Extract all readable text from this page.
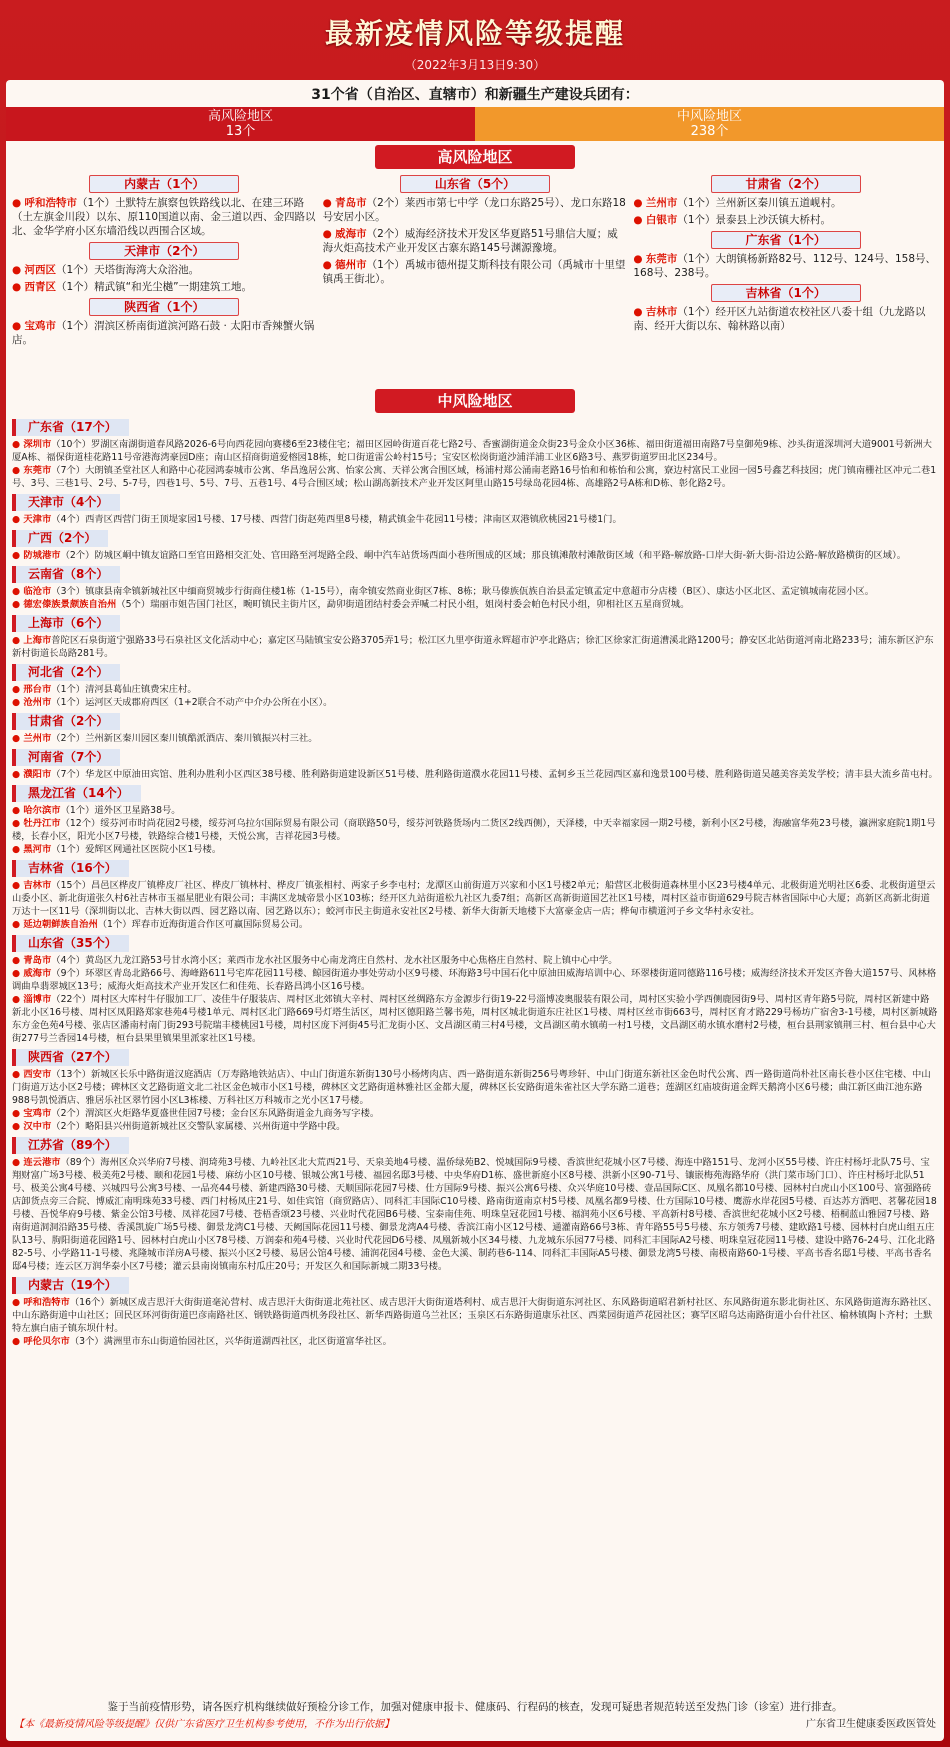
最新疫情风险等级提醒
（2022年3月13日9:30）
31个省（自治区、直辖市）和新疆生产建设兵团有：
高风险地区
13个
中风险地区
238个
高风险地区
内蒙古（1个）
● 呼和浩特市（1个）土默特左旗察包铁路线以北、在建三环路（土左旗金川段）以东、原110国道以南、金三道以西、金四路以北、金华学府小区东墙沿线以西围合区域。
天津市（2个）
● 河西区（1个）天塔街海湾大众浴池。
● 西青区（1个）精武镇“和光尘樾”一期建筑工地。
陕西省（1个）
● 宝鸡市（1个）渭滨区桥南街道滨河路石鼓 · 太阳市香辣蟹火锅店。
山东省（5个）
● 青岛市（2个）莱西市第七中学（龙口东路25号）、龙口东路18号安居小区。
● 威海市（2个）威海经济技术开发区华夏路51号鼎信大厦；威海火炬高技术产业开发区古寨东路145号渊源豫境。
● 德州市（1个）禹城市德州提艾斯科技有限公司（禹城市十里望镇禹王街北）。
甘肃省（2个）
● 兰州市（1个）兰州新区秦川镇五道岘村。
● 白银市（1个）景泰县上沙沃镇大桥村。
广东省（1个）
● 东莞市（1个）大朗镇杨新路82号、112号、124号、158号、168号、238号。
吉林省（1个）
● 吉林市（1个）经开区九站街道农校社区八委十组（九龙路以南、经开大街以东、翰林路以南）
中风险地区
广东省（17个）
● 深圳市（10个）罗湖区南湖街道春风路2026-6号向西花园向赛楼6至23楼住宅；福田区园岭街道百花七路2号、香蜜湖街道金众街23号金众小区36栋、福田街道福田南路7号皇御苑9栋、沙头街道深圳河大道9001号新洲大厦A栋、福保街道桂花路11号帝港海湾豪园D座；南山区招商街道爱榕园18栋，蛇口街道雷公岭村15号；宝安区松岗街道沙浦洋浦工业区6路3号、燕罗街道罗田北区234号。
● 东莞市（7个）大朗镇圣堂社区人和路中心花园鸿泰城市公寓、华昌逸居公寓、怡家公寓、天祥公寓合围区域，杨浦村郑公涌南老路16号怡和和栋怡和公寓，寮边村富民工业园一园5号鑫艺科技园；虎门镇南栅社区冲元二巷1号、3号、三巷1号、2号、5-7号，四巷1号、5号、7号、五巷1号、4号合围区域；松山湖高新技术产业开发区阿里山路15号绿岛花园4栋、高雄路2号A栋和D栋、彰化路2号。
天津市（4个）
● 天津市（4个）西青区西营门街王顶堤家园1号楼、17号楼、西营门街赵苑西里8号楼，精武镇金牛花园11号楼；津南区双港镇欣桃园21号楼1门。
广西（2个）
● 防城港市（2个）防城区峒中镇友谊路口至官田路相交汇处、官田路至河堤路全段、峒中汽车站货场西面小巷所围成的区域；那良镇滩散村滩散街区域（和平路-解放路-口岸大街-新大街-沿边公路-解放路横街的区域）。
云南省（8个）
● 临沧市（3个）镇康县南伞镇新城社区中缅商贸城步行街商住楼1栋（1-15号），南伞镇安然商业街区7栋、8栋；耿马傣族佤族自治县孟定镇孟定中意超市分店楼（B区）、康达小区北区、孟定镇城南花园小区。
● 德宏傣族景颇族自治州（5个）瑞丽市姐告国门社区，畹町镇民主街片区，勐卯街道团结村委会弄喊二村民小组，姐岗村委会帕色村民小组，卯相社区五星商贸城。
上海市（6个）
● 上海市普陀区石泉街道宁强路33号石泉社区文化活动中心；嘉定区马陆镇宝安公路3705弄1号；松江区九里亭街道永辉超市沪亭北路店；徐汇区徐家汇街道漕溪北路1200号；静安区北站街道河南北路233号；浦东新区沪东新村街道长岛路281号。
河北省（2个）
● 邢台市（1个）清河县葛仙庄镇费宋庄村。
● 沧州市（1个）运河区天成郡府西区（1+2联合不动产中介办公所在小区）。
甘肃省（2个）
● 兰州市（2个）兰州新区秦川园区秦川镇酷派酒店、秦川镇振兴村三社。
河南省（7个）
● 濮阳市（7个）华龙区中原油田宾馆、胜利办胜利小区西区38号楼、胜利路街道建设新区51号楼、胜利路街道濮水花园11号楼、孟轲乡玉兰花园西区嘉和逸景100号楼、胜利路街道吴越美容美发学校；清丰县大流乡苗屯村。
黑龙江省（14个）
● 哈尔滨市（1个）道外区卫星路38号。
● 牡丹江市（12个）绥芬河市时尚花园2号楼，绥芬河乌拉尔国际贸易有限公司（商联路50号，绥芬河铁路货场内二货区2线西侧），天泽楼，中天幸福家园一期2号楼，新利小区2号楼，海融富华苑23号楼，瀛洲家庭院1期1号楼，长春小区，阳光小区7号楼，铁路综合楼1号楼，天悦公寓，吉祥花园3号楼。
● 黑河市（1个）爱辉区网通社区医院小区1号楼。
吉林省（16个）
● 吉林市（15个）昌邑区桦皮厂镇桦皮厂社区、桦皮厂镇林村、桦皮厂镇张相村、两家子乡李屯村；龙潭区山前街道万兴家和小区1号楼2单元；船营区北极街道森林里小区23号楼4单元、北极街道光明社区6委、北极街道望云山委小区、新北街道张久村6社吉林市玉福星肥业有限公司；丰满区龙城帝景小区103栋；经开区九站街道松九社区九委7组；高新区高新街道国艺社区1号楼，周村区益市街道629号院吉林省国际中心大厦；高新区高新北街道万达十一区11号（深圳街以北、吉林大街以西、园艺路以南、园艺路以东）；蛟河市民主街道永安社区2号楼、新华大街新天地楼下大富豪金店一店；桦甸市横道河子乡文华村永安社。
● 延边朝鲜族自治州（1个）珲春市近海街道合作区可赢国际贸易公司。
山东省（35个）
● 青岛市（4个）黄岛区九龙江路53号甘水湾小区；莱西市龙水社区服务中心南龙湾庄自然村、龙水社区服务中心焦格庄自然村、院上镇中心中学。
● 威海市（9个）环翠区青岛北路66号、海峰路611号宅库花园11号楼、鲸园街道办事处劳动小区9号楼、环海路3号中国石化中原油田威海培训中心、环翠楼街道同德路116号楼；威海经济技术开发区齐鲁大道157号、风林格调曲阜翡翠城区13号；威海火炬高技术产业开发区仁和佳苑、长春路昌鸿小区16号楼。
● 淄博市（22个）周村区大库村牛仔服加工厂、凌佳牛仔服装店、周村区北郊镇大辛村、周村区丝绸路东方金源步行街19-22号淄博凌奥服装有限公司，周村区实验小学西侧鹿园街9号、周村区青年路5号院，周村区新建中路新北小区16号楼、周村区凤阳路郑家巷苑4号楼1单元、周村区北门路669号灯塔生活区，周村区德阳路兰馨书苑，周村区城北街道东庄社区1号楼、周村区丝市街663号，周村区育才路229号杨坊广宿舍3-1号楼，周村区新城路东方金色苑4号楼、张店区潘南村南门街293号院瑞丰楼桃园1号楼，周村区庞下河街45号汇龙街小区、文昌湖区萌三村4号楼，文昌湖区萌水镇萌一村1号楼，文昌湖区萌水镇水磨村2号楼，桓台县荆家镇荆三村、桓台县中心大街277号兰香园14号楼，桓台县果里镇果里派家社区1号楼。
陕西省（27个）
● 西安市（13个）新城区长乐中路街道汉庭酒店（万寿路地铁站店）、中山门街道东新街130号小杨烤肉店、西一路街道东新街256号粤珍轩、中山门街道东新社区金色时代公寓、西一路街道尚朴社区南长巷小区住宅楼、中山门街道万达小区2号楼；碑林区文艺路街道文北二社区金色城市小区1号楼，碑林区文艺路街道林雅社区金都大厦，碑林区长安路街道朱雀社区大学东路二道巷；莲湖区红庙坡街道金辉天鹅湾小区6号楼；曲江新区曲江池东路988号凯悦酒店、雅居乐社区翠竹园小区L3栋楼、万科社区万科城市之光小区17号楼。
● 宝鸡市（2个）渭滨区火炬路华夏盛世佳园7号楼；金台区东风路街道金九商务写字楼。
● 汉中市（2个）略阳县兴州街道新城社区交警队家属楼、兴州街道中学路中段。
江苏省（89个）
● 连云港市（89个）海州区众兴华府7号楼、润琦苑3号楼、九岭社区北大荒西21号、天泉美地4号楼、温侨绿苑B2、悦城国际9号楼、香滨世纪花城小区7号楼、海连中路151号、龙河小区55号楼、许庄村杨圩北队75号、宝翔财富广场3号楼、极美苑2号楼、颐和花园1号楼、麻纺小区10号楼、银城公寓1号楼、福园名邸3号楼、中央华府D1栋、盛世新庭小区8号楼、洪新小区90-71号、镶嵌梅苑海路华府（洪门菜市场门口）、许庄村杨圩北队51号、极美公寓4号楼、兴城四号公寓3号楼、一品亮44号楼、新建西路30号楼、天顺国际花园7号楼、仕方国际9号楼、振兴公寓6号楼、众兴华庭10号楼、壹品国际C区、凤凰名都10号楼、园林村白虎山小区100号、富强路砖店卸货点旁三合院、博威汇南明珠苑33号楼、西门村杨凤庄21号、如佳宾馆（商贸路店）、同科汇丰国际C10号楼、路南街道南京村5号楼、凤凰名都9号楼、仕方国际10号楼、鹰游水岸花园5号楼、百达苏方酒吧、茗馨花园18号楼、吾悦华府9号楼、紫金公馆3号楼、凤祥花园7号楼、苍梧香颂23号楼、兴业时代花园B6号楼、宝泰南佳苑、明珠皇冠花园1号楼、福润苑小区6号楼、平高新村8号楼、香滨世纪花城小区2号楼、梧桐蓝山雅园7号楼、路南街道洞洞沿路35号楼、香溪凯旋广场5号楼、御景龙湾C1号楼、天阙国际花园11号楼、御景龙湾A4号楼、香滨江南小区12号楼、通灌南路66号3栋、青年路55号5号楼、东方领秀7号楼、建欧路1号楼、园林村白虎山组五庄队13号、朐阳街道花园路1号、园林村白虎山小区78号楼、万润泰和苑4号楼、兴业时代花园D6号楼、凤凰新城小区34号楼、九龙城东乐园77号楼、同科汇丰国际A2号楼、明珠皇冠花园11号楼、建设中路76-24号、江化北路82-5号、小学路11-1号楼、兆隆城市洋房A号楼、振兴小区2号楼、易居公馆4号楼、浦润花园4号楼、金色大溪、制药巷6-114、同科汇丰国际A5号楼、御景龙湾5号楼、南极南路60-1号楼、平高书香名邸1号楼、平高书香名邸4号楼；连云区万润华泰小区7号楼；灌云县南岗镇南东村瓜庄20号；开发区久和国际新城二期33号楼。
内蒙古（19个）
● 呼和浩特市（16个）新城区成吉思汗大街街道毫沁营村、成吉思汗大街街道北苑社区、成吉思汗大街街道塔利村、成吉思汗大街街道东河社区、东风路街道昭君新村社区、东风路街道东影北街社区、东风路街道海东路社区、中山东路街道中山社区；回民区环河街街道巴彦南路社区、钢铁路街道西机务段社区、新华西路街道乌兰社区；玉泉区石东路街道康乐社区、西菜园街道芦花园社区；赛罕区昭乌达南路街道小台什社区、榆林镇陶卜齐村；土默特左旗白庙子镇东坝什村。
● 呼伦贝尔市（3个）满洲里市东山街道怡园社区，兴华街道湖西社区，北区街道富华社区。
鉴于当前疫情形势，请各医疗机构继续做好预检分诊工作，加强对健康申报卡、健康码、行程码的核查，发现可疑患者规范转送至发热门诊（诊室）进行排查。
【本《最新疫情风险等级提醒》仅供广东省医疗卫生机构参考使用，不作为出行依据】	广东省卫生健康委医政医管处
